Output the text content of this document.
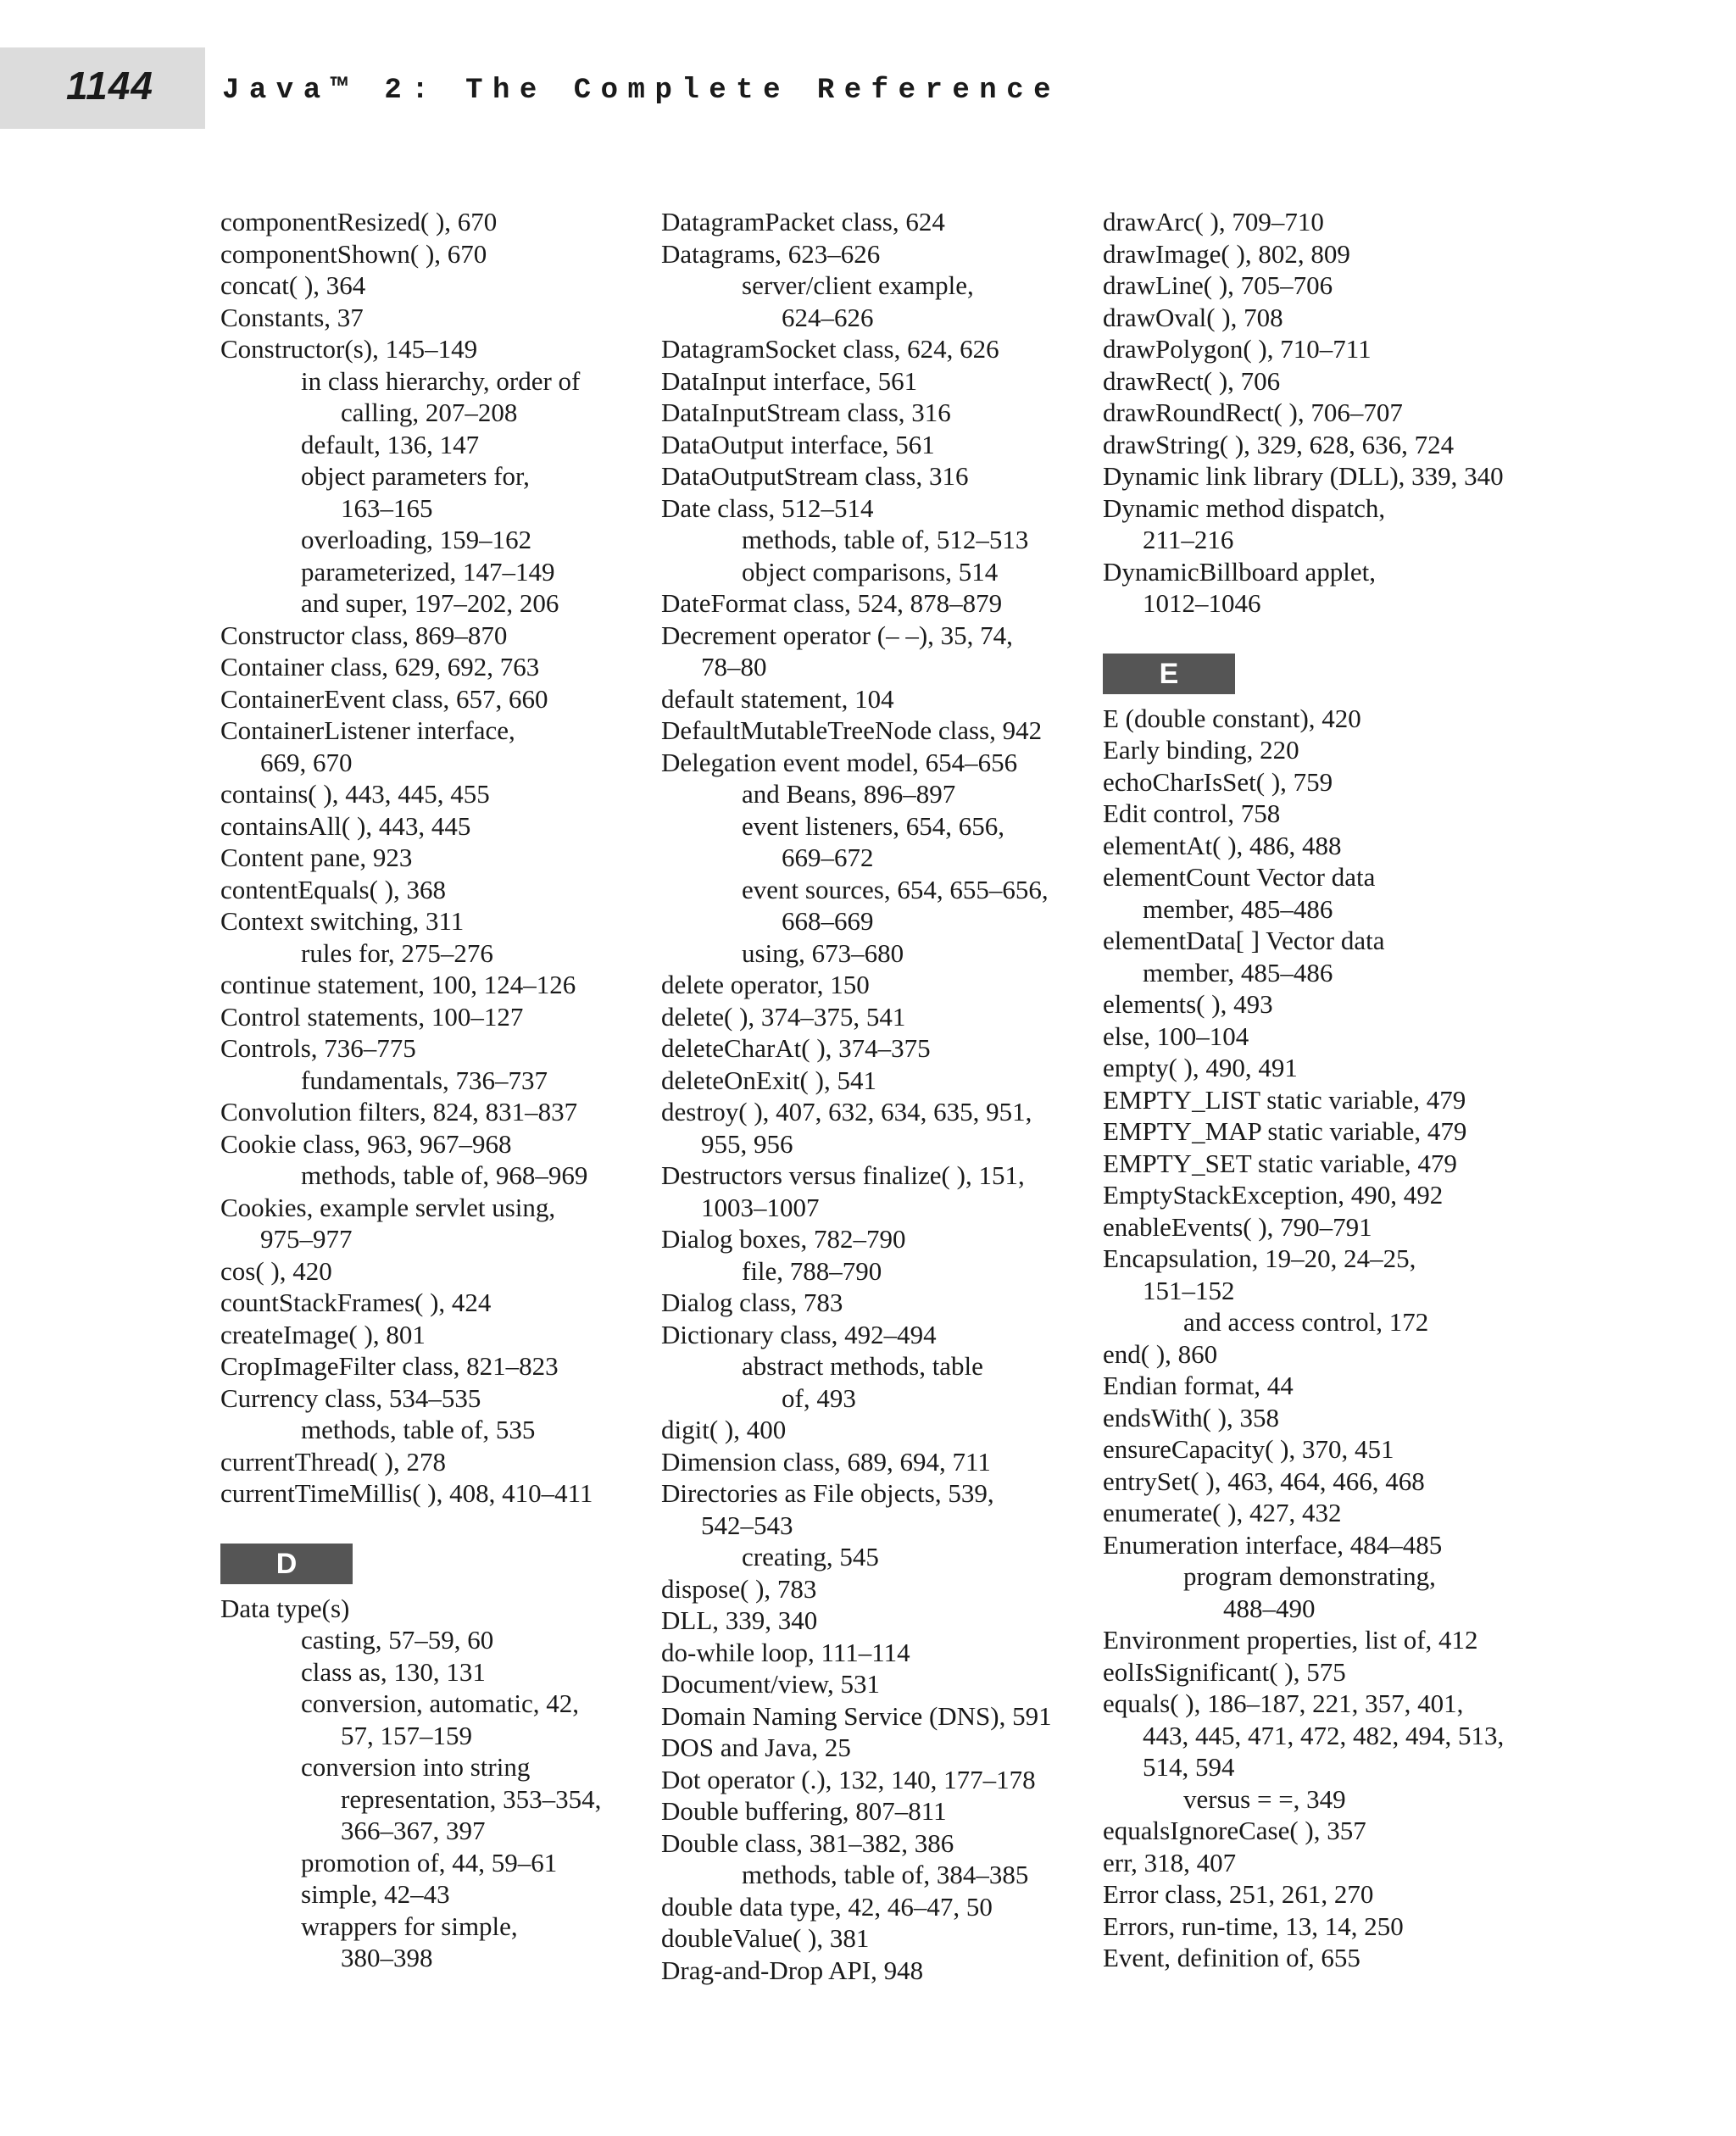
1144 Java™ 2: The Complete Reference
componentResized( ), 670
componentShown( ), 670
concat( ), 364
Constants, 37
Constructor(s), 145–149
in class hierarchy, order of
calling, 207–208
default, 136, 147
object parameters for,
163–165
overloading, 159–162
parameterized, 147–149
and super, 197–202, 206
Constructor class, 869–870
Container class, 629, 692, 763
ContainerEvent class, 657, 660
ContainerListener interface,
669, 670
contains( ), 443, 445, 455
containsAll( ), 443, 445
Content pane, 923
contentEquals( ), 368
Context switching, 311
rules for, 275–276
continue statement, 100, 124–126
Control statements, 100–127
Controls, 736–775
fundamentals, 736–737
Convolution filters, 824, 831–837
Cookie class, 963, 967–968
methods, table of, 968–969
Cookies, example servlet using,
975–977
cos( ), 420
countStackFrames( ), 424
createImage( ), 801
CropImageFilter class, 821–823
Currency class, 534–535
methods, table of, 535
currentThread( ), 278
currentTimeMillis( ), 408, 410–411
D
Data type(s)
casting, 57–59, 60
class as, 130, 131
conversion, automatic, 42,
57, 157–159
conversion into string
representation, 353–354,
366–367, 397
promotion of, 44, 59–61
simple, 42–43
wrappers for simple,
380–398
DatagramPacket class, 624
Datagrams, 623–626
server/client example,
624–626
DatagramSocket class, 624, 626
DataInput interface, 561
DataInputStream class, 316
DataOutput interface, 561
DataOutputStream class, 316
Date class, 512–514
methods, table of, 512–513
object comparisons, 514
DateFormat class, 524, 878–879
Decrement operator (– –), 35, 74,
78–80
default statement, 104
DefaultMutableTreeNode class, 942
Delegation event model, 654–656
and Beans, 896–897
event listeners, 654, 656,
669–672
event sources, 654, 655–656,
668–669
using, 673–680
delete operator, 150
delete( ), 374–375, 541
deleteCharAt( ), 374–375
deleteOnExit( ), 541
destroy( ), 407, 632, 634, 635, 951,
955, 956
Destructors versus finalize( ), 151,
1003–1007
Dialog boxes, 782–790
file, 788–790
Dialog class, 783
Dictionary class, 492–494
abstract methods, table
of, 493
digit( ), 400
Dimension class, 689, 694, 711
Directories as File objects, 539,
542–543
creating, 545
dispose( ), 783
DLL, 339, 340
do-while loop, 111–114
Document/view, 531
Domain Naming Service (DNS), 591
DOS and Java, 25
Dot operator (.), 132, 140, 177–178
Double buffering, 807–811
Double class, 381–382, 386
methods, table of, 384–385
double data type, 42, 46–47, 50
doubleValue( ), 381
Drag-and-Drop API, 948
drawArc( ), 709–710
drawImage( ), 802, 809
drawLine( ), 705–706
drawOval( ), 708
drawPolygon( ), 710–711
drawRect( ), 706
drawRoundRect( ), 706–707
drawString( ), 329, 628, 636, 724
Dynamic link library (DLL), 339, 340
Dynamic method dispatch,
211–216
DynamicBillboard applet,
1012–1046
E
E (double constant), 420
Early binding, 220
echoCharIsSet( ), 759
Edit control, 758
elementAt( ), 486, 488
elementCount Vector data
member, 485–486
elementData[ ] Vector data
member, 485–486
elements( ), 493
else, 100–104
empty( ), 490, 491
EMPTY_LIST static variable, 479
EMPTY_MAP static variable, 479
EMPTY_SET static variable, 479
EmptyStackException, 490, 492
enableEvents( ), 790–791
Encapsulation, 19–20, 24–25,
151–152
and access control, 172
end( ), 860
Endian format, 44
endsWith( ), 358
ensureCapacity( ), 370, 451
entrySet( ), 463, 464, 466, 468
enumerate( ), 427, 432
Enumeration interface, 484–485
program demonstrating,
488–490
Environment properties, list of, 412
eolIsSignificant( ), 575
equals( ), 186–187, 221, 357, 401,
443, 445, 471, 472, 482, 494, 513,
514, 594
versus = =, 349
equalsIgnoreCase( ), 357
err, 318, 407
Error class, 251, 261, 270
Errors, run-time, 13, 14, 250
Event, definition of, 655
